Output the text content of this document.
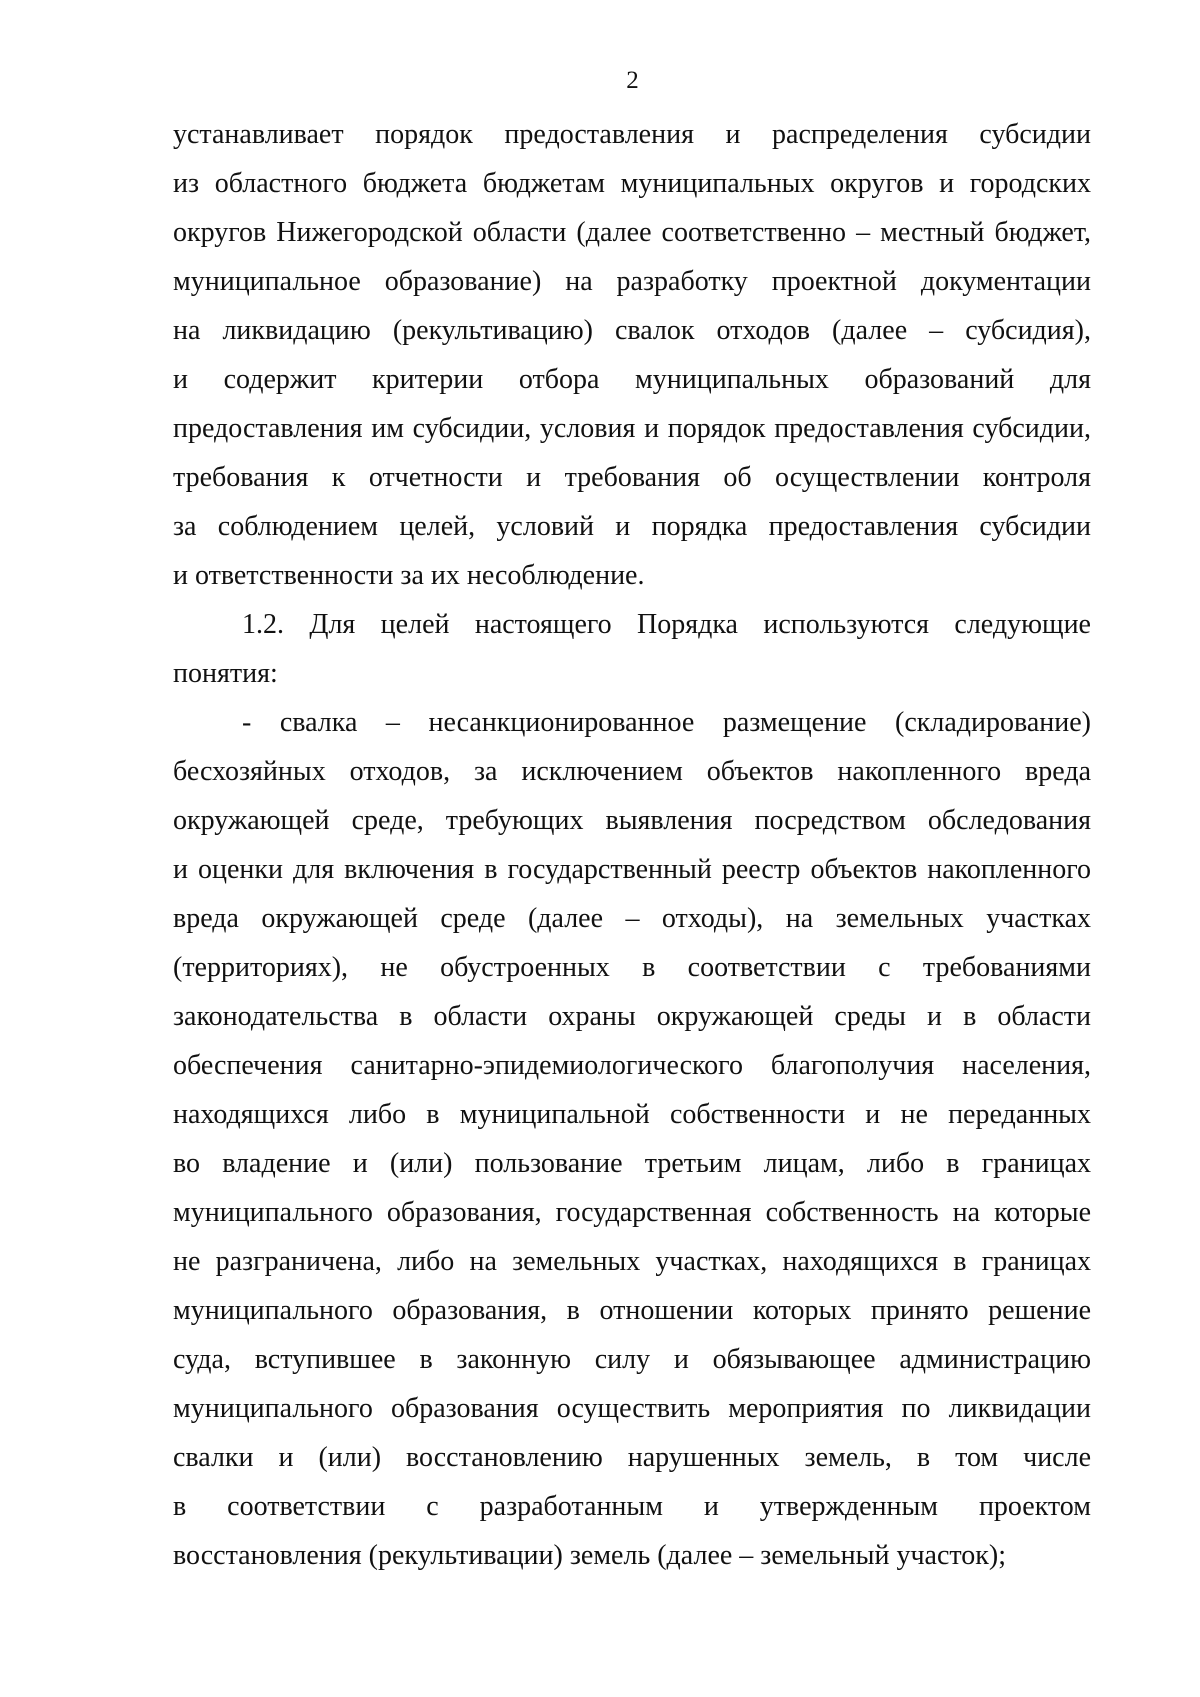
2
устанавливает порядок предоставления и распределения субсидии
из областного бюджета бюджетам муниципальных округов и городских
округов Нижегородской области (далее соответственно – местный бюджет,
муниципальное образование) на разработку проектной документации
на ликвидацию (рекультивацию) свалок отходов (далее – субсидия),
и содержит критерии отбора муниципальных образований для
предоставления им субсидии, условия и порядок предоставления субсидии,
требования к отчетности и требования об осуществлении контроля
за соблюдением целей, условий и порядка предоставления субсидии
и ответственности за их несоблюдение.
1.2. Для целей настоящего Порядка используются следующие
понятия:
- свалка – несанкционированное размещение (складирование)
бесхозяйных отходов, за исключением объектов накопленного вреда
окружающей среде, требующих выявления посредством обследования
и оценки для включения в государственный реестр объектов накопленного
вреда окружающей среде (далее – отходы), на земельных участках
(территориях), не обустроенных в соответствии с требованиями
законодательства в области охраны окружающей среды и в области
обеспечения санитарно-эпидемиологического благополучия населения,
находящихся либо в муниципальной собственности и не переданных
во владение и (или) пользование третьим лицам, либо в границах
муниципального образования, государственная собственность на которые
не разграничена, либо на земельных участках, находящихся в границах
муниципального образования, в отношении которых принято решение
суда, вступившее в законную силу и обязывающее администрацию
муниципального образования осуществить мероприятия по ликвидации
свалки и (или) восстановлению нарушенных земель, в том числе
в соответствии с разработанным и утвержденным проектом
восстановления (рекультивации) земель (далее – земельный участок);
